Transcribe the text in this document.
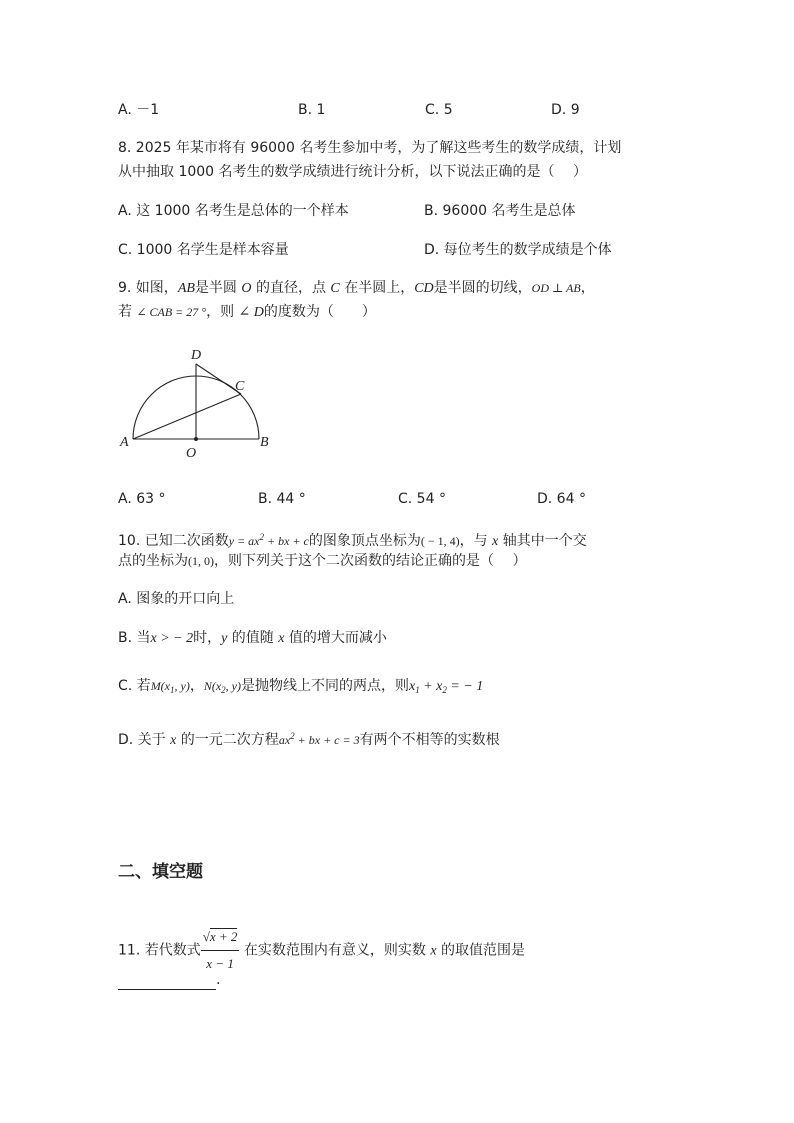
A. －1	B. 1	C. 5	D. 9
8. 2025 年某市将有 96000 名考生参加中考，为了解这些考生的数学成绩，计划
从中抽取 1000 名考生的数学成绩进行统计分析，以下说法正确的是（　 ）
A. 这 1000 名考生是总体的一个样本	B. 96000 名考生是总体
C. 1000 名学生是样本容量	D. 每位考生的数学成绩是个体
9. 如图，AB是半圆 O 的直径，点 C 在半圆上，CD是半圆的切线，OD ⊥ AB，
若 ∠ CAB = 27 °，则 ∠ D的度数为（　　）
A	B
C
D
O
A. 63 °	B. 44 °	C. 54 °	D. 64 °
10. 已知二次函数$y = ax^2$ + bx + c的图象顶点坐标为( − 1, 4)，与 x 轴其中一个交
点的坐标为(1, 0)，则下列关于这个二次函数的结论正确的是（　 ）
A. 图象的开口向上
B. 当x > − 2时，y 的值随 x 值的增大而减小
C. 若$M(x_1$, y)，$N(x_2$, y)是抛物线上不同的两点，则$x_1 + x_2$ = − 1
D. 关于 x 的一元二次方程$ax^2$ + bx + c = 3有两个不相等的实数根
二、填空题
11. 若代数式 $\frac{√x + 2}{x - 1}$ 在实数范围内有意义，则实数 x 的取值范围是
.
